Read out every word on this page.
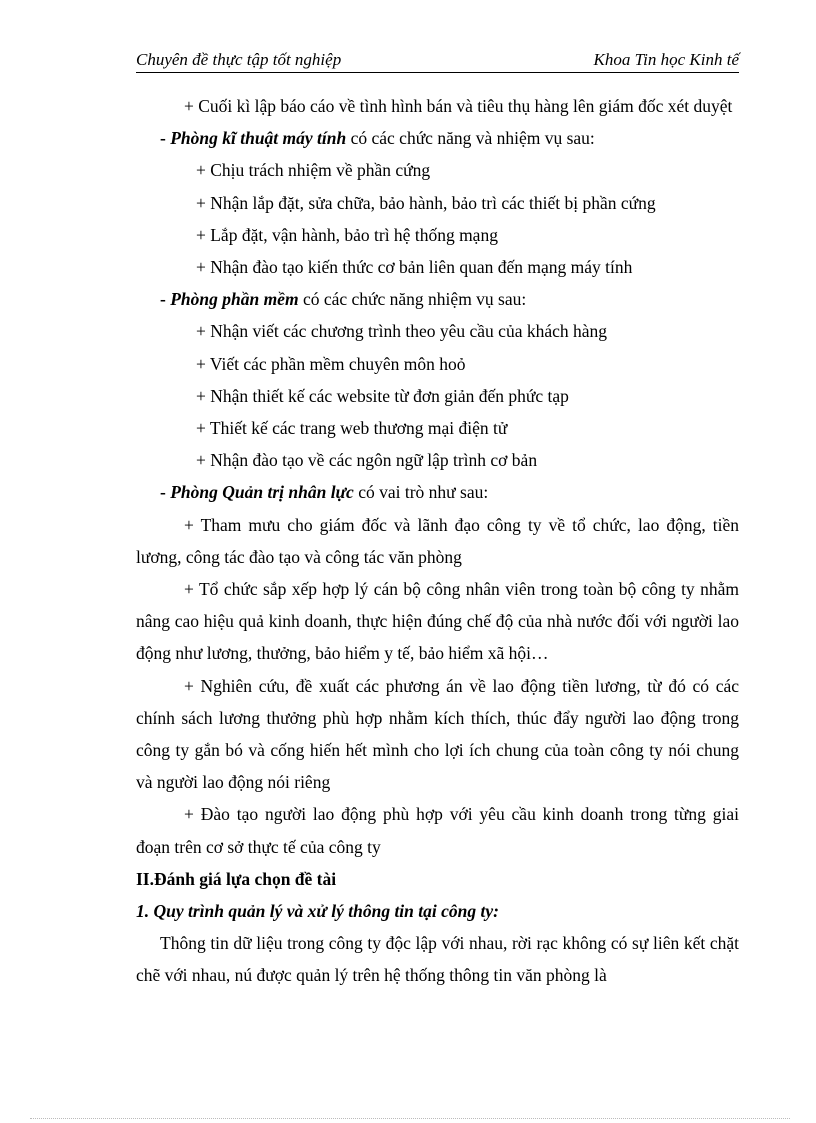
Chuyên đề thực tập tốt nghiệp	Khoa Tin học Kinh tế

+ Cuối kì lập báo cáo về tình hình bán và tiêu thụ hàng lên giám đốc xét duyệt

- Phòng kĩ thuật máy tính có các chức năng và nhiệm vụ sau:

+ Chịu trách nhiệm về phần cứng

+ Nhận lắp đặt, sửa chữa, bảo hành, bảo trì các thiết bị phần cứng

+ Lắp đặt, vận hành, bảo trì hệ thống mạng

+ Nhận đào tạo kiến thức cơ bản liên quan đến mạng máy tính

- Phòng phần mềm có các chức năng nhiệm vụ sau:

+ Nhận viết các chương trình theo yêu cầu của khách hàng

+ Viết các phần mềm chuyên môn hoỏ

+ Nhận thiết kế các website từ đơn giản đến phức tạp

+ Thiết kế các trang web thương mại điện tử

+ Nhận đào tạo về các ngôn ngữ lập trình cơ bản

- Phòng Quản trị nhân lực có vai trò như sau:

+ Tham mưu cho giám đốc và lãnh đạo công ty về tổ chức, lao động, tiền lương, công tác đào tạo và công tác văn phòng

+ Tổ chức sắp xếp hợp lý cán bộ công nhân viên trong toàn bộ công ty nhằm nâng cao hiệu quả kinh doanh, thực hiện đúng chế độ của nhà nước đối với người lao động như lương, thưởng, bảo hiểm y tế, bảo hiểm xã hội…

+ Nghiên cứu, đề xuất các phương án về lao động tiền lương, từ đó có các chính sách lương thưởng phù hợp nhằm kích thích, thúc đẩy người lao động trong công ty gắn bó và cống hiến hết mình cho lợi ích chung của toàn công ty nói chung và người lao động nói riêng

+ Đào tạo người lao động phù hợp với yêu cầu kinh doanh trong từng giai đoạn trên cơ sở thực tế của công ty

II.Đánh giá lựa chọn đề tài

1. Quy trình quản lý và xử lý thông tin tại công ty:

Thông tin dữ liệu trong công ty độc lập với nhau, rời rạc không có sự liên kết chặt chẽ với nhau, nú được quản lý trên hệ thống thông tin văn phòng là
